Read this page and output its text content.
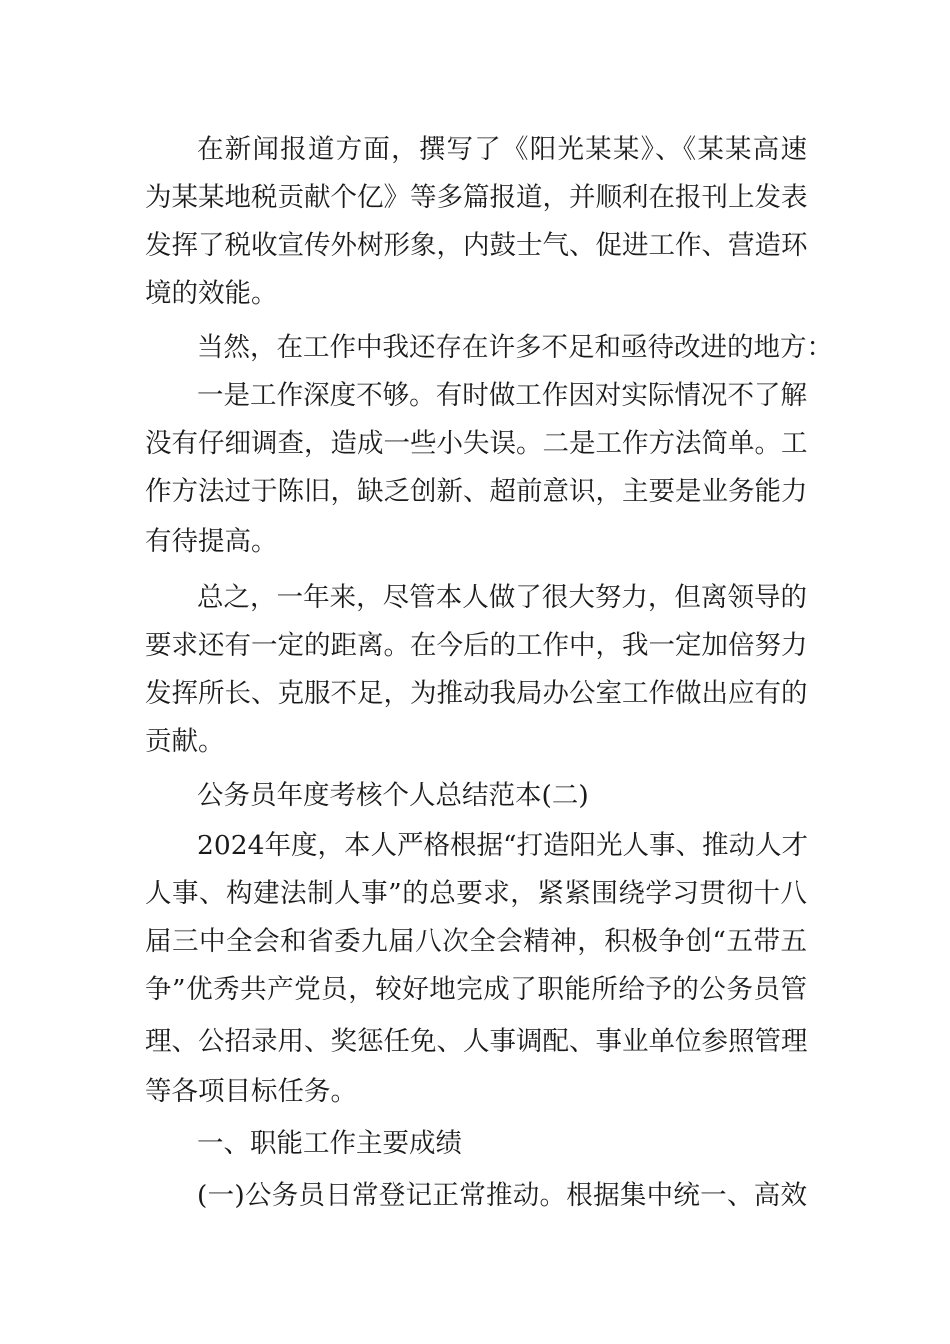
在新闻报道方面，撰写了《阳光某某》、《某某高速
为某某地税贡献个亿》等多篇报道，并顺利在报刊上发表
发挥了税收宣传外树形象，内鼓士气、促进工作、营造环
境的效能。
当然，在工作中我还存在许多不足和亟待改进的地方：
一是工作深度不够。有时做工作因对实际情况不了解
没有仔细调查，造成一些小失误。二是工作方法简单。工
作方法过于陈旧，缺乏创新、超前意识，主要是业务能力
有待提高。
总之，一年来，尽管本人做了很大努力，但离领导的
要求还有一定的距离。在今后的工作中，我一定加倍努力
发挥所长、克服不足，为推动我局办公室工作做出应有的
贡献。
公务员年度考核个人总结范本(二)
2024年度，本人严格根据“打造阳光人事、推动人才
人事、构建法制人事”的总要求，紧紧围绕学习贯彻十八
届三中全会和省委九届八次全会精神，积极争创“五带五
争”优秀共产党员，较好地完成了职能所给予的公务员管
理、公招录用、奖惩任免、人事调配、事业单位参照管理
等各项目标任务。
一、职能工作主要成绩
(一)公务员日常登记正常推动。根据集中统一、高效
